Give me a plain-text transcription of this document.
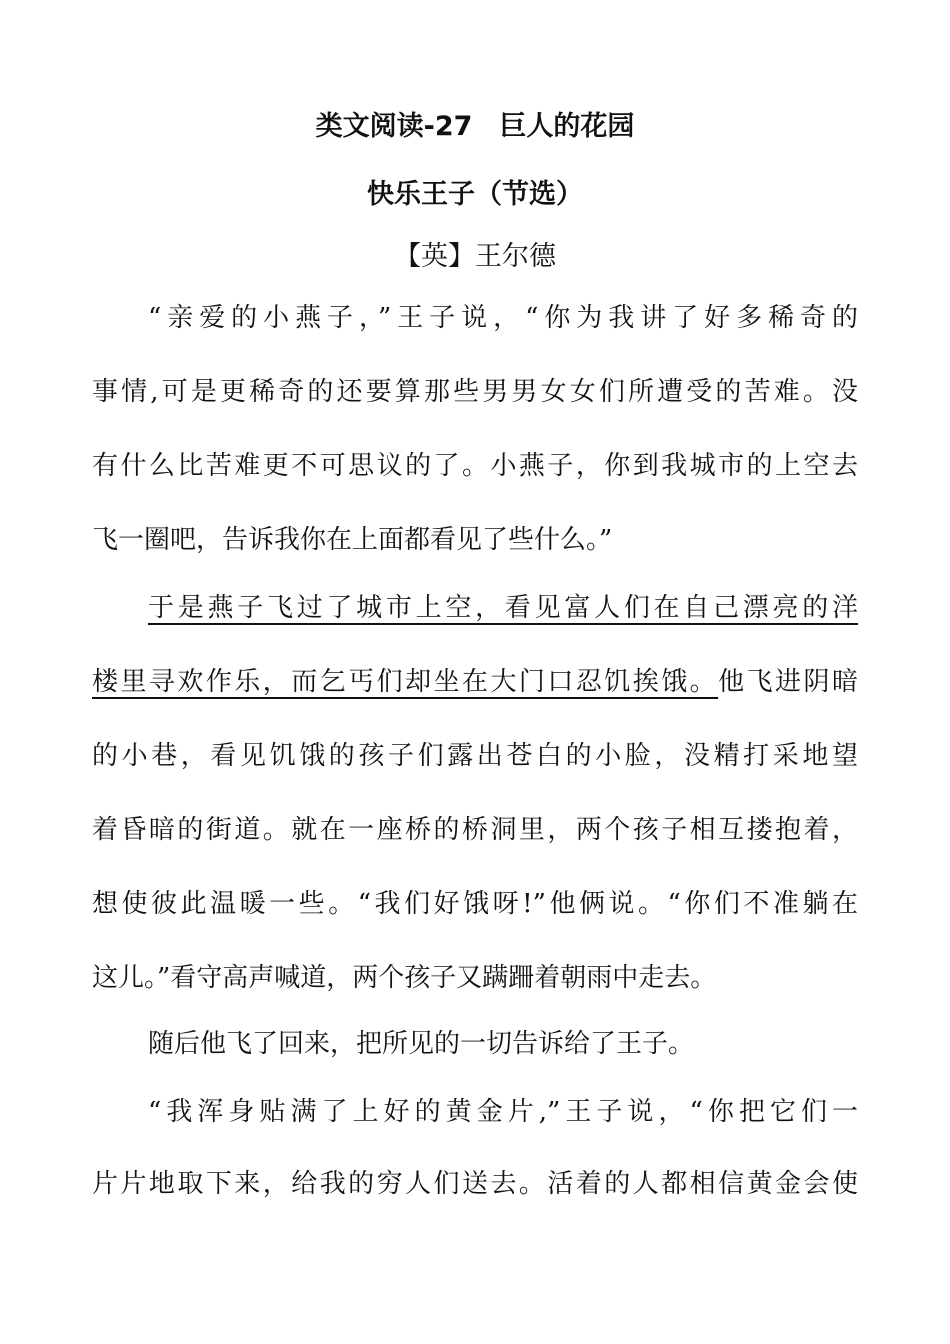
类文阅读-27　巨人的花园
快乐王子（节选）
【英】王尔德
“亲爱的小燕子，”王子说，“你为我讲了好多稀奇的
事情,可是更稀奇的还要算那些男男女女们所遭受的苦难。没
有什么比苦难更不可思议的了。小燕子，你到我城市的上空去
飞一圈吧，告诉我你在上面都看见了些什么。”
于是燕子飞过了城市上空，看见富人们在自己漂亮的洋
楼里寻欢作乐，而乞丐们却坐在大门口忍饥挨饿。他飞进阴暗
的小巷，看见饥饿的孩子们露出苍白的小脸，没精打采地望
着昏暗的街道。就在一座桥的桥洞里，两个孩子相互搂抱着，
想使彼此温暖一些。“我们好饿呀!”他俩说。“你们不准躺在
这儿。”看守高声喊道，两个孩子又蹒跚着朝雨中走去。
随后他飞了回来，把所见的一切告诉给了王子。
“我浑身贴满了上好的黄金片,”王子说，“你把它们一
片片地取下来，给我的穷人们送去。活着的人都相信黄金会使
